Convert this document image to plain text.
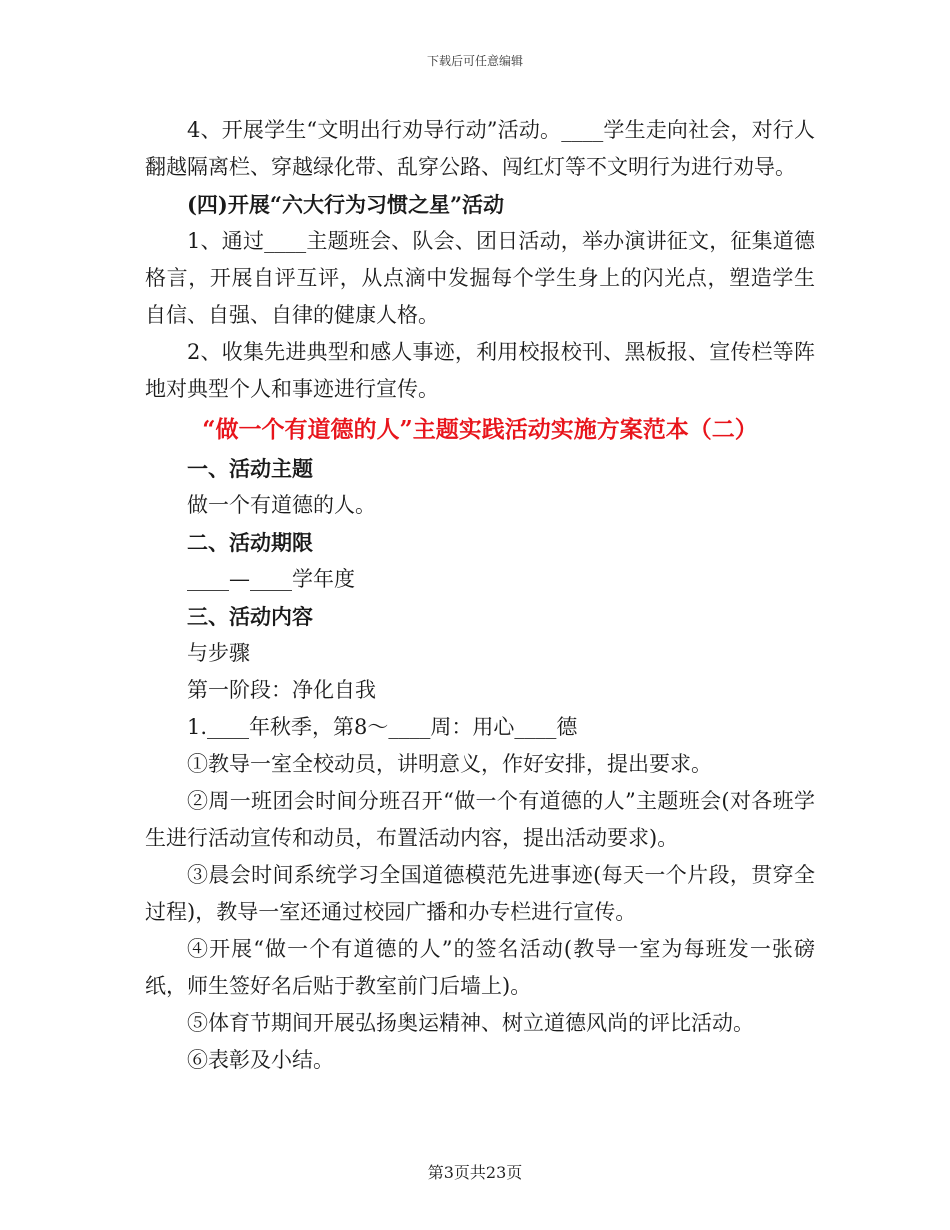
下载后可任意编辑

4、开展学生“文明出行劝导行动”活动。____学生走向社会，对行人翻越隔离栏、穿越绿化带、乱穿公路、闯红灯等不文明行为进行劝导。

(四)开展“六大行为习惯之星”活动

1、通过____主题班会、队会、团日活动，举办演讲征文，征集道德格言，开展自评互评，从点滴中发掘每个学生身上的闪光点，塑造学生自信、自强、自律的健康人格。

2、收集先进典型和感人事迹，利用校报校刊、黑板报、宣传栏等阵地对典型个人和事迹进行宣传。

“做一个有道德的人”主题实践活动实施方案范本（二）

一、活动主题

做一个有道德的人。

二、活动期限

____—____学年度

三、活动内容

与步骤

第一阶段：净化自我

1.____年秋季，第8～____周：用心____德

①教导一室全校动员，讲明意义，作好安排，提出要求。

②周一班团会时间分班召开“做一个有道德的人”主题班会(对各班学生进行活动宣传和动员，布置活动内容，提出活动要求)。

③晨会时间系统学习全国道德模范先进事迹(每天一个片段，贯穿全过程)，教导一室还通过校园广播和办专栏进行宣传。

④开展“做一个有道德的人”的签名活动(教导一室为每班发一张磅纸，师生签好名后贴于教室前门后墙上)。

⑤体育节期间开展弘扬奥运精神、树立道德风尚的评比活动。

⑥表彰及小结。

第3页共23页
